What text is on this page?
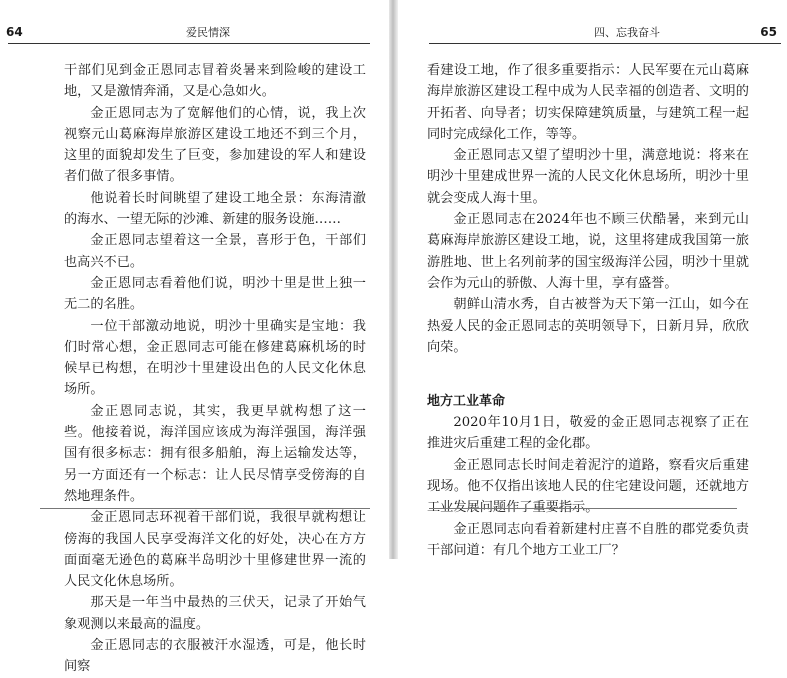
64	爱民情深

干部们见到金正恩同志冒着炎暑来到险峻的建设工地，又是激情奔涌，又是心急如火。

金正恩同志为了宽解他们的心情，说，我上次视察元山葛麻海岸旅游区建设工地还不到三个月，这里的面貌却发生了巨变，参加建设的军人和建设者们做了很多事情。

他说着长时间眺望了建设工地全景：东海清澈的海水、一望无际的沙滩、新建的服务设施……

金正恩同志望着这一全景，喜形于色，干部们也高兴不已。

金正恩同志看着他们说，明沙十里是世上独一无二的名胜。

一位干部激动地说，明沙十里确实是宝地：我们时常心想，金正恩同志可能在修建葛麻机场的时候早已构想，在明沙十里建设出色的人民文化休息场所。

金正恩同志说，其实，我更早就构想了这一些。他接着说，海洋国应该成为海洋强国，海洋强国有很多标志：拥有很多船舶，海上运输发达等，另一方面还有一个标志：让人民尽情享受傍海的自然地理条件。

金正恩同志环视着干部们说，我很早就构想让傍海的我国人民享受海洋文化的好处，决心在方方面面毫无逊色的葛麻半岛明沙十里修建世界一流的人民文化休息场所。

那天是一年当中最热的三伏天，记录了开始气象观测以来最高的温度。

金正恩同志的衣服被汗水湿透，可是，他长时间察

四、忘我奋斗	65

看建设工地，作了很多重要指示：人民军要在元山葛麻海岸旅游区建设工程中成为人民幸福的创造者、文明的开拓者、向导者；切实保障建筑质量，与建筑工程一起同时完成绿化工作，等等。

金正恩同志又望了望明沙十里，满意地说：将来在明沙十里建成世界一流的人民文化休息场所，明沙十里就会变成人海十里。

金正恩同志在2024年也不顾三伏酷暑，来到元山葛麻海岸旅游区建设工地，说，这里将建成我国第一旅游胜地、世上名列前茅的国宝级海洋公园，明沙十里就会作为元山的骄傲、人海十里，享有盛誉。

朝鲜山清水秀，自古被誉为天下第一江山，如今在热爱人民的金正恩同志的英明领导下，日新月异，欣欣向荣。

地方工业革命

2020年10月1日，敬爱的金正恩同志视察了正在推进灾后重建工程的金化郡。

金正恩同志长时间走着泥泞的道路，察看灾后重建现场。他不仅指出该地人民的住宅建设问题，还就地方工业发展问题作了重要指示。

金正恩同志向看着新建村庄喜不自胜的郡党委负责干部问道：有几个地方工业工厂？
